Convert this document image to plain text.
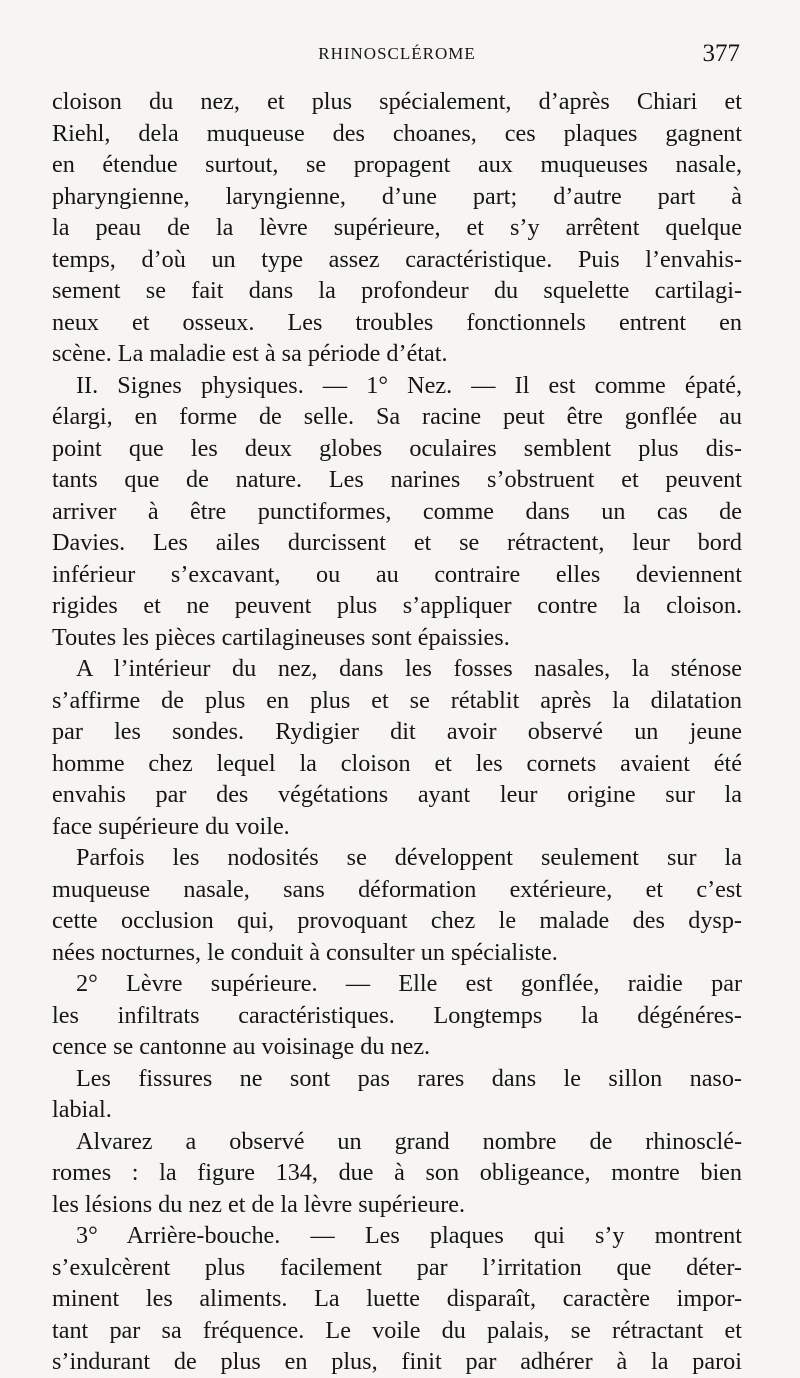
RHINOSCLÉROME	377
cloison du nez, et plus spécialement, d’après Chiari et
Riehl, dela muqueuse des choanes, ces plaques gagnent
en étendue surtout, se propagent aux muqueuses nasale,
pharyngienne, laryngienne, d’une part; d’autre part à
la peau de la lèvre supérieure, et s’y arrêtent quelque
temps, d’où un type assez caractéristique. Puis l’envahis-
sement se fait dans la profondeur du squelette cartilagi-
neux et osseux. Les troubles fonctionnels entrent en
scène. La maladie est à sa période d’état.
II. Signes physiques. — 1° Nez. — Il est comme épaté,
élargi, en forme de selle. Sa racine peut être gonflée au
point que les deux globes oculaires semblent plus dis-
tants que de nature. Les narines s’obstruent et peuvent
arriver à être punctiformes, comme dans un cas de
Davies. Les ailes durcissent et se rétractent, leur bord
inférieur s’excavant, ou au contraire elles deviennent
rigides et ne peuvent plus s’appliquer contre la cloison.
Toutes les pièces cartilagineuses sont épaissies.
A l’intérieur du nez, dans les fosses nasales, la sténose
s’affirme de plus en plus et se rétablit après la dilatation
par les sondes. Rydigier dit avoir observé un jeune
homme chez lequel la cloison et les cornets avaient été
envahis par des végétations ayant leur origine sur la
face supérieure du voile.
Parfois les nodosités se développent seulement sur la
muqueuse nasale, sans déformation extérieure, et c’est
cette occlusion qui, provoquant chez le malade des dysp-
nées nocturnes, le conduit à consulter un spécialiste.
2° Lèvre supérieure. — Elle est gonflée, raidie par
les infiltrats caractéristiques. Longtemps la dégénéres-
cence se cantonne au voisinage du nez.
Les fissures ne sont pas rares dans le sillon naso-
labial.
Alvarez a observé un grand nombre de rhinosclé-
romes : la figure 134, due à son obligeance, montre bien
les lésions du nez et de la lèvre supérieure.
3° Arrière-bouche. — Les plaques qui s’y montrent
s’exulcèrent plus facilement par l’irritation que déter-
minent les aliments. La luette disparaît, caractère impor-
tant par sa fréquence. Le voile du palais, se rétractant et
s’indurant de plus en plus, finit par adhérer à la paroi
